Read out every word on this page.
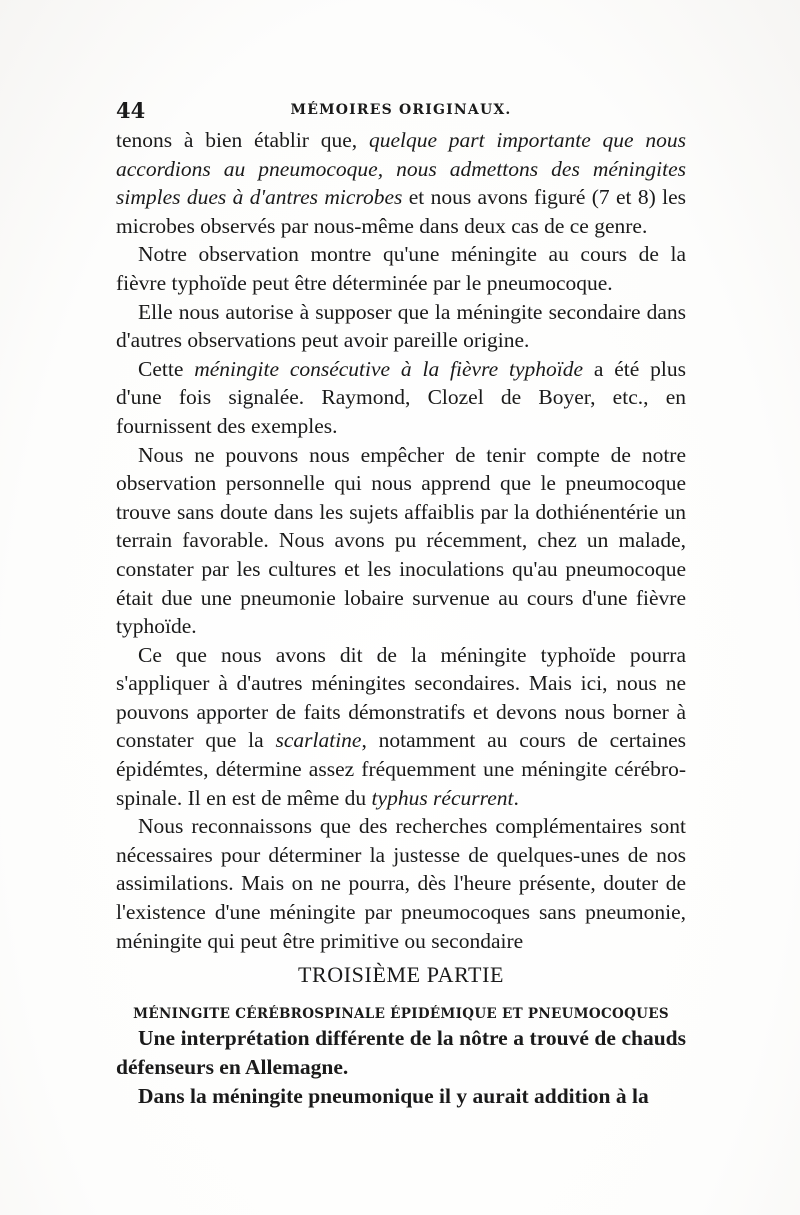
44	MÉMOIRES ORIGINAUX.

tenons à bien établir que, quelque part importante que nous accordions au pneumocoque, nous admettons des méningites simples dues à d'antres microbes et nous avons figuré (7 et 8) les microbes observés par nous-même dans deux cas de ce genre.

Notre observation montre qu'une méningite au cours de la fièvre typhoïde peut être déterminée par le pneumocoque.

Elle nous autorise à supposer que la méningite secondaire dans d'autres observations peut avoir pareille origine.

Cette méningite consécutive à la fièvre typhoïde a été plus d'une fois signalée. Raymond, Clozel de Boyer, etc., en fournissent des exemples.

Nous ne pouvons nous empêcher de tenir compte de notre observation personnelle qui nous apprend que le pneumocoque trouve sans doute dans les sujets affaiblis par la dothiénentérie un terrain favorable. Nous avons pu récemment, chez un malade, constater par les cultures et les inoculations qu'au pneumocoque était due une pneumonie lobaire survenue au cours d'une fièvre typhoïde.

Ce que nous avons dit de la méningite typhoïde pourra s'appliquer à d'autres méningites secondaires. Mais ici, nous ne pouvons apporter de faits démonstratifs et devons nous borner à constater que la scarlatine, notamment au cours de certaines épidémtes, détermine assez fréquemment une méningite cérébro-spinale. Il en est de même du typhus récurrent.

Nous reconnaissons que des recherches complémentaires sont nécessaires pour déterminer la justesse de quelques-unes de nos assimilations. Mais on ne pourra, dès l'heure présente, douter de l'existence d'une méningite par pneumocoques sans pneumonie, méningite qui peut être primitive ou secondaire

TROISIÈME PARTIE
MÉNINGITE CÉRÉBROSPINALE ÉPIDÉMIQUE ET PNEUMOCOQUES

Une interprétation différente de la nôtre a trouvé de chauds défenseurs en Allemagne.

Dans la méningite pneumonique il y aurait addition à la
